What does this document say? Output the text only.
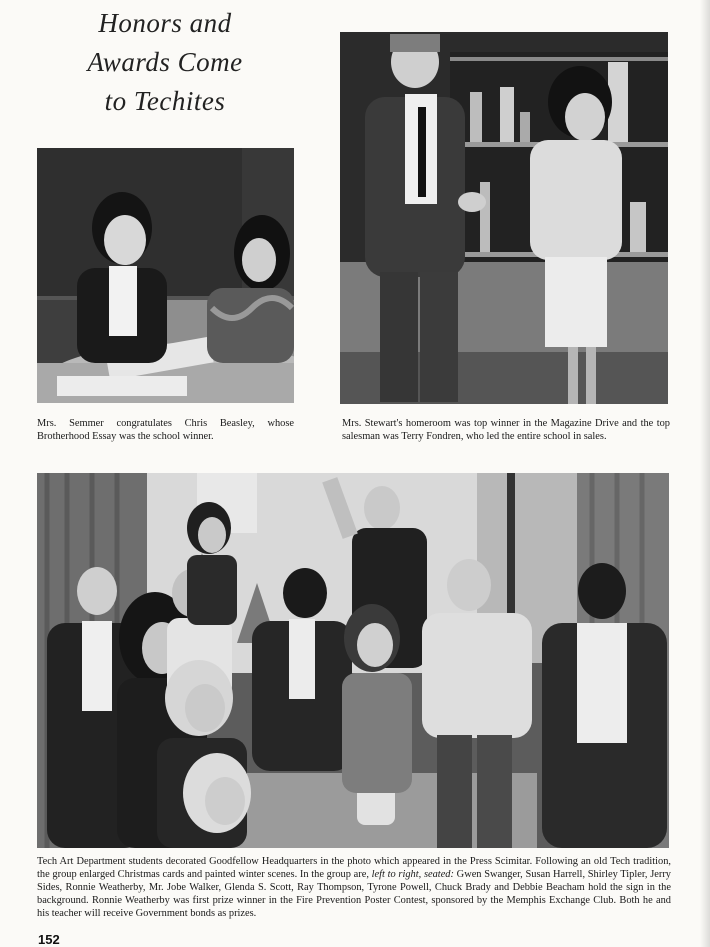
Honors and
Awards Come
to Techites
Mrs. Semmer congratulates Chris Beasley, whose Brotherhood Essay was the school winner.
Mrs. Stewart's homeroom was top winner in the Magazine Drive and the top salesman was Terry Fondren, who led the entire school in sales.
Tech Art Department students decorated Goodfellow Headquarters in the photo which appeared in the Press Scimitar. Following an old Tech tradition, the group enlarged Christmas cards and painted winter scenes. In the group are, left to right, seated: Gwen Swanger, Susan Harrell, Shirley Tipler, Jerry Sides, Ronnie Weatherby, Mr. Jobe Walker, Glenda S. Scott, Ray Thompson, Tyrone Powell, Chuck Brady and Debbie Beacham hold the sign in the background. Ronnie Weatherby was first prize winner in the Fire Prevention Poster Contest, sponsored by the Memphis Exchange Club. Both he and his teacher will receive Government bonds as prizes.
152
